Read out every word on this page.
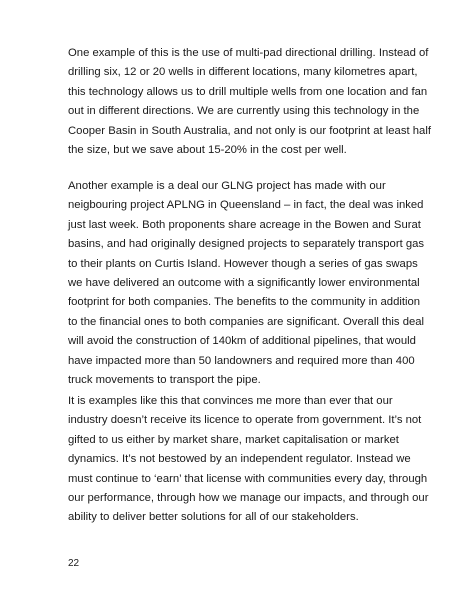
One example of this is the use of multi-pad directional drilling. Instead of
drilling six, 12 or 20 wells in different locations, many kilometres apart,
this technology allows us to drill multiple wells from one location and fan
out in different directions. We are currently using this technology in the
Cooper Basin in South Australia, and not only is our footprint at least half
the size, but we save about 15-20% in the cost per well.
Another example is a deal our GLNG project has made with our
neigbouring project APLNG in Queensland – in fact, the deal was inked
just last week. Both proponents share acreage in the Bowen and Surat
basins, and had originally designed projects to separately transport gas
to their plants on Curtis Island. However though a series of gas swaps
we have delivered an outcome with a significantly lower environmental
footprint for both companies. The benefits to the community in addition
to the financial ones to both companies are significant. Overall this deal
will avoid the construction of 140km of additional pipelines, that would
have impacted more than 50 landowners and required more than 400
truck movements to transport the pipe.
It is examples like this that convinces me more than ever that our
industry doesn’t receive its licence to operate from government. It’s not
gifted to us either by market share, market capitalisation or market
dynamics. It’s not bestowed by an independent regulator. Instead we
must continue to ‘earn’ that license with communities every day, through
our performance, through how we manage our impacts, and through our
ability to deliver better solutions for all of our stakeholders.
22
